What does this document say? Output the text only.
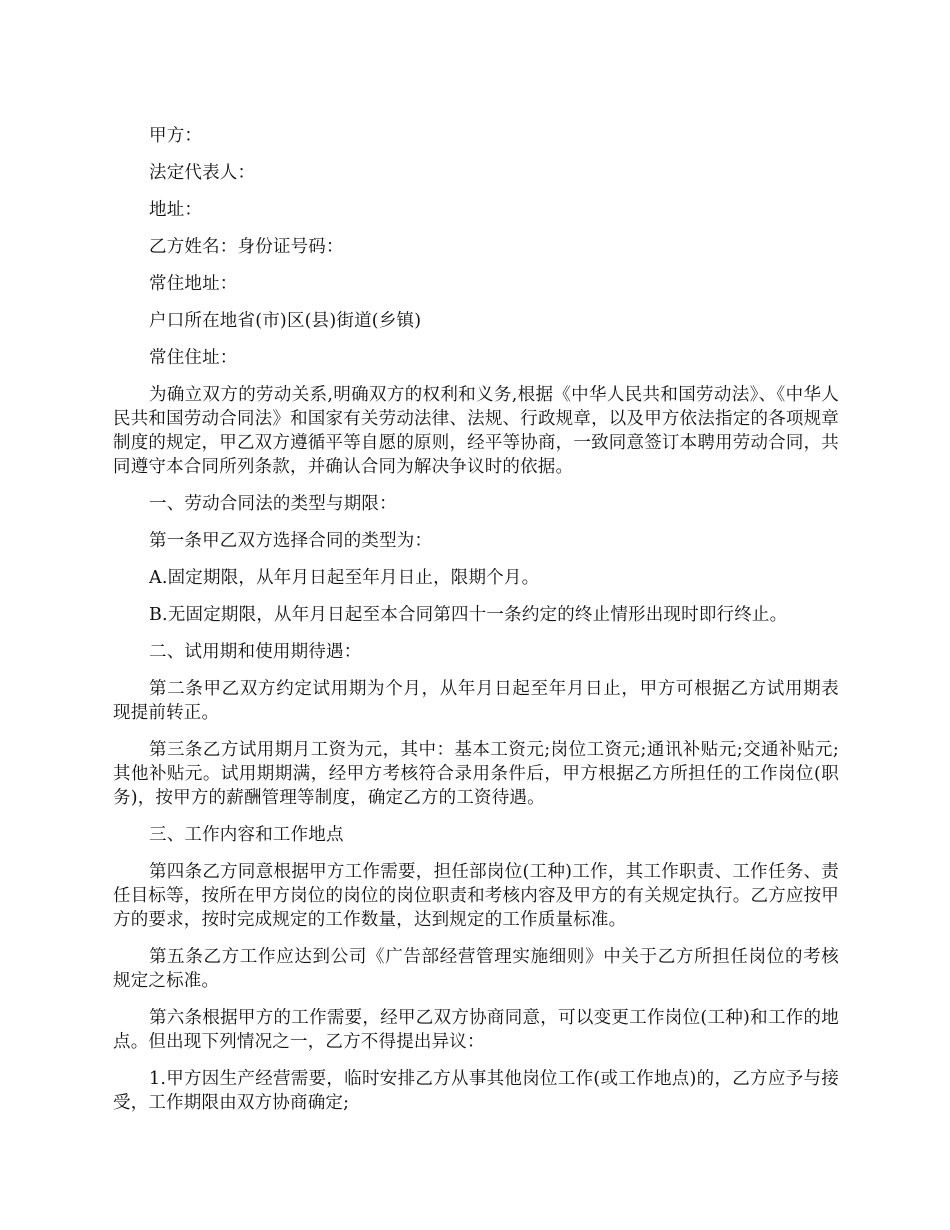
甲方：

法定代表人：

地址：

乙方姓名：身份证号码：

常住地址：

户口所在地省(市)区(县)街道(乡镇)

常住住址：

为确立双方的劳动关系,明确双方的权利和义务,根据《中华人民共和国劳动法》、《中华人民共和国劳动合同法》和国家有关劳动法律、法规、行政规章，以及甲方依法指定的各项规章制度的规定，甲乙双方遵循平等自愿的原则，经平等协商，一致同意签订本聘用劳动合同，共同遵守本合同所列条款，并确认合同为解决争议时的依据。

一、劳动合同法的类型与期限：

第一条甲乙双方选择合同的类型为：

A.固定期限，从年月日起至年月日止，限期个月。

B.无固定期限，从年月日起至本合同第四十一条约定的终止情形出现时即行终止。

二、试用期和使用期待遇：

第二条甲乙双方约定试用期为个月，从年月日起至年月日止，甲方可根据乙方试用期表现提前转正。

第三条乙方试用期月工资为元，其中：基本工资元;岗位工资元;通讯补贴元;交通补贴元;其他补贴元。试用期期满，经甲方考核符合录用条件后，甲方根据乙方所担任的工作岗位(职务)，按甲方的薪酬管理等制度，确定乙方的工资待遇。

三、工作内容和工作地点

第四条乙方同意根据甲方工作需要，担任部岗位(工种)工作，其工作职责、工作任务、责任目标等，按所在甲方岗位的岗位的岗位职责和考核内容及甲方的有关规定执行。乙方应按甲方的要求，按时完成规定的工作数量，达到规定的工作质量标准。

第五条乙方工作应达到公司《广告部经营管理实施细则》中关于乙方所担任岗位的考核规定之标准。

第六条根据甲方的工作需要，经甲乙双方协商同意，可以变更工作岗位(工种)和工作的地点。但出现下列情况之一，乙方不得提出异议：

1.甲方因生产经营需要，临时安排乙方从事其他岗位工作(或工作地点)的，乙方应予与接受，工作期限由双方协商确定;
